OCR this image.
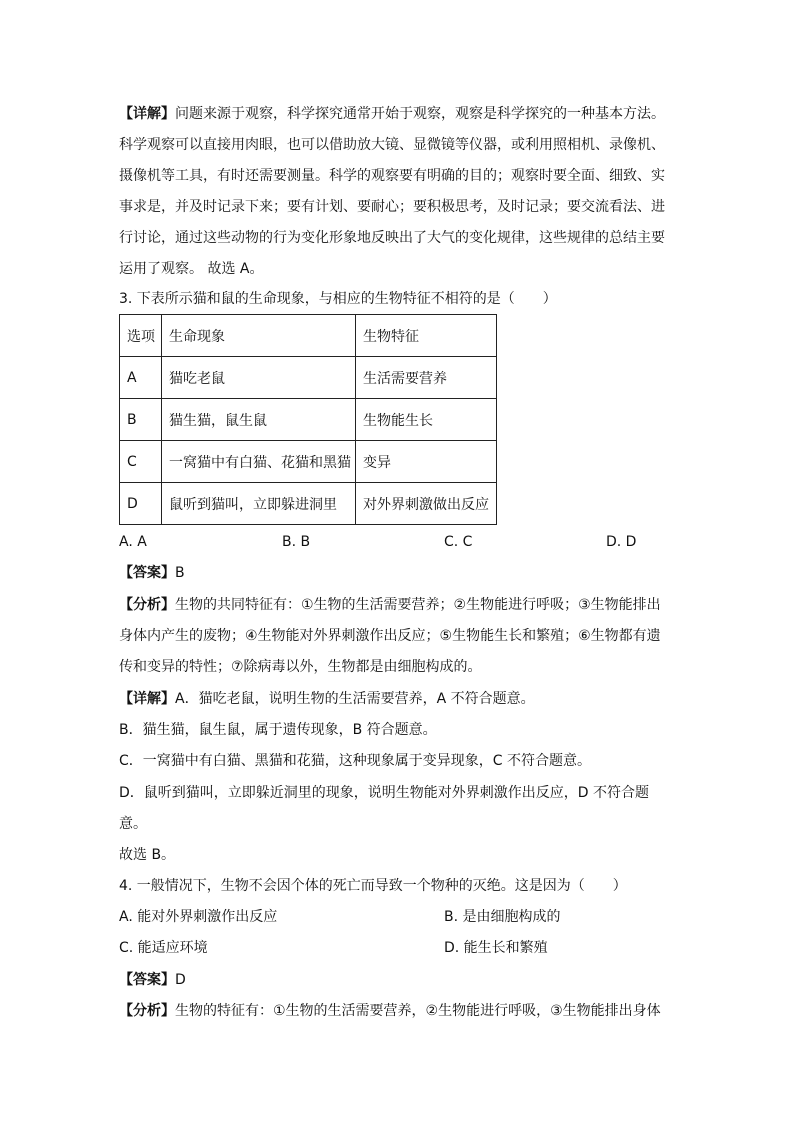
【详解】问题来源于观察，科学探究通常开始于观察，观察是科学探究的一种基本方法。
科学观察可以直接用肉眼，也可以借助放大镜、显微镜等仪器，或利用照相机、录像机、
摄像机等工具，有时还需要测量。科学的观察要有明确的目的；观察时要全面、细致、实
事求是，并及时记录下来；要有计划、要耐心；要积极思考，及时记录；要交流看法、进
行讨论，通过这些动物的行为变化形象地反映出了大气的变化规律，这些规律的总结主要
运用了观察。 故选 A。
3. 下表所示猫和鼠的生命现象，与相应的生物特征不相符的是（　　）
选项	生命现象	生物特征
A	猫吃老鼠	生活需要营养
B	猫生猫，鼠生鼠	生物能生长
C	一窝猫中有白猫、花猫和黑猫	变异
D	鼠听到猫叫，立即躲进洞里	对外界刺激做出反应
A. A	B. B	C. C	D. D
【答案】B
【分析】生物的共同特征有：①生物的生活需要营养；②生物能进行呼吸；③生物能排出
身体内产生的废物；④生物能对外界刺激作出反应；⑤生物能生长和繁殖；⑥生物都有遗
传和变异的特性；⑦除病毒以外，生物都是由细胞构成的。
【详解】A．猫吃老鼠，说明生物的生活需要营养，A 不符合题意。
B．猫生猫，鼠生鼠，属于遗传现象，B 符合题意。
C．一窝猫中有白猫、黑猫和花猫，这种现象属于变异现象，C 不符合题意。
D．鼠听到猫叫，立即躲近洞里的现象，说明生物能对外界刺激作出反应，D 不符合题
意。
故选 B。
4. 一般情况下，生物不会因个体的死亡而导致一个物种的灭绝。这是因为（　　）
A. 能对外界刺激作出反应	B. 是由细胞构成的
C. 能适应环境	D. 能生长和繁殖
【答案】D
【分析】生物的特征有：①生物的生活需要营养，②生物能进行呼吸，③生物能排出身体
